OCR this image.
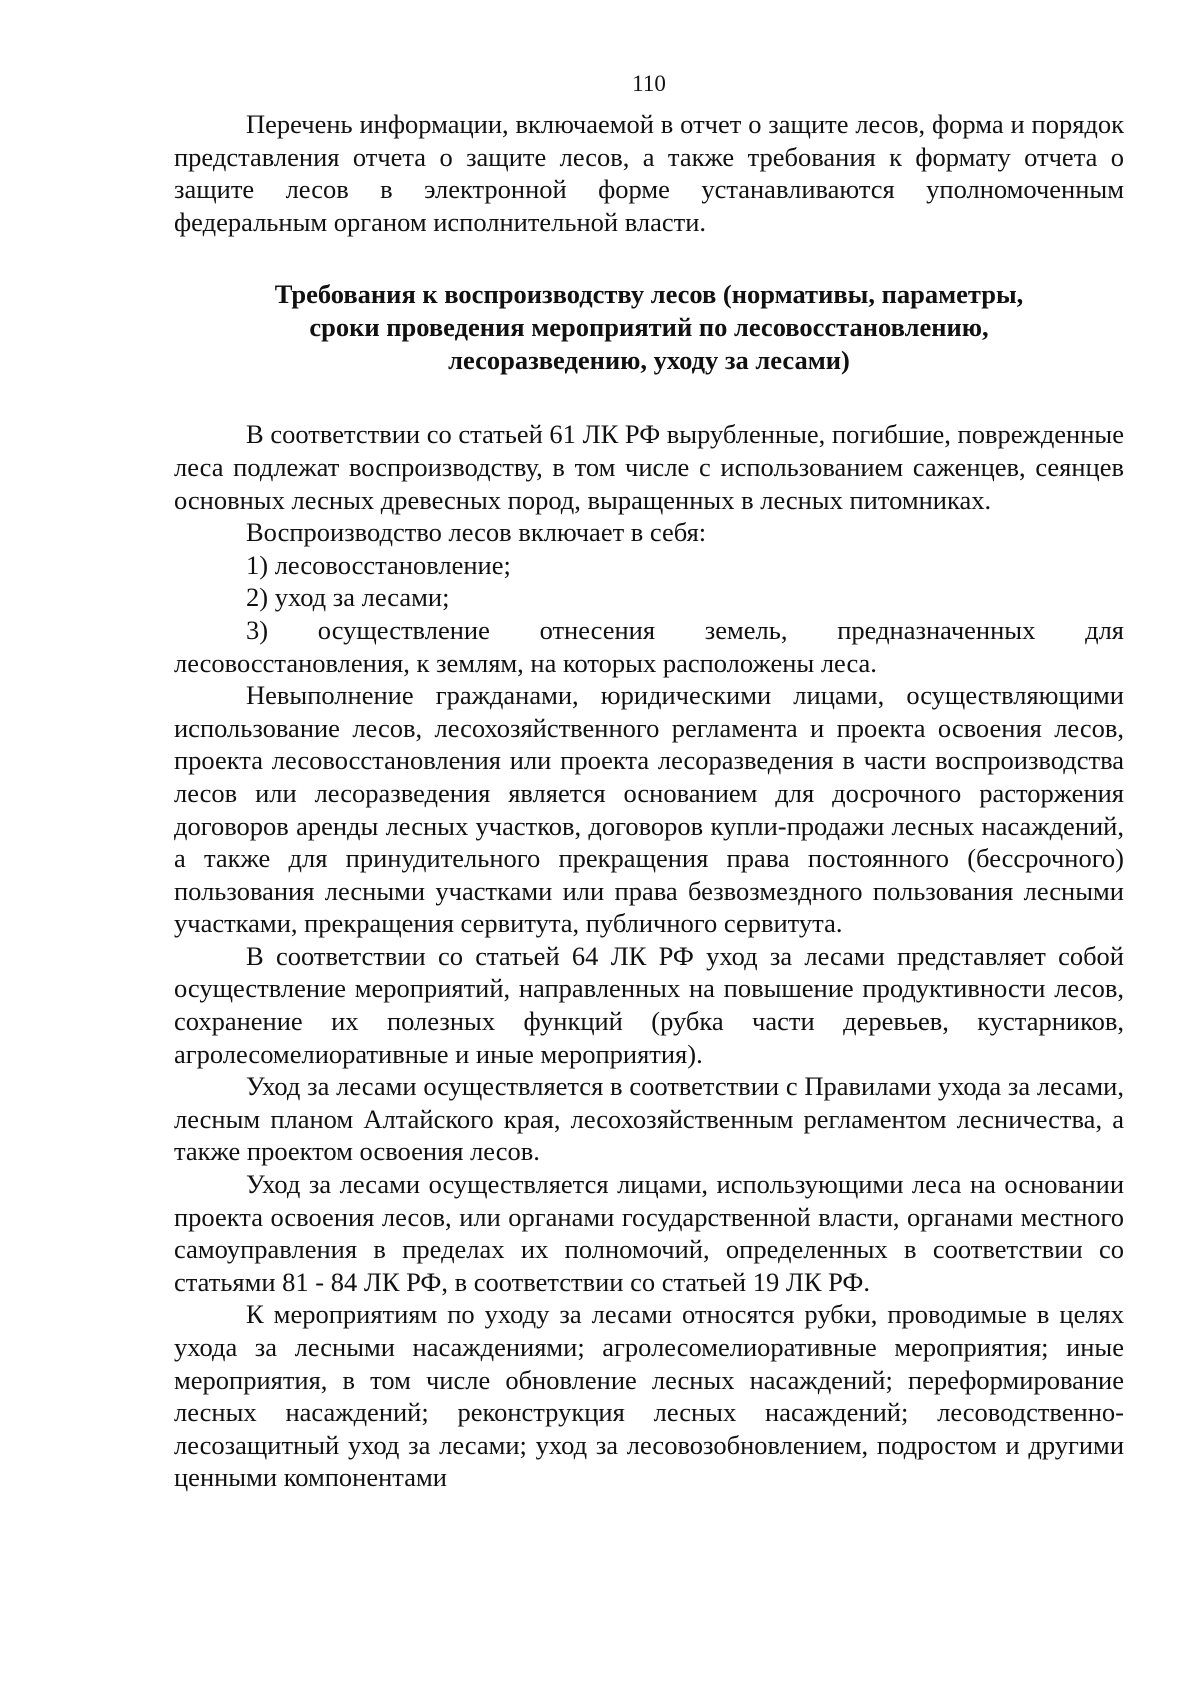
110

Перечень информации, включаемой в отчет о защите лесов, форма и порядок представления отчета о защите лесов, а также требования к формату отчета о защите лесов в электронной форме устанавливаются уполномоченным федеральным органом исполнительной власти.

Требования к воспроизводству лесов (нормативы, параметры,
сроки проведения мероприятий по лесовосстановлению,
лесоразведению, уходу за лесами)

В соответствии со статьей 61 ЛК РФ вырубленные, погибшие, поврежденные леса подлежат воспроизводству, в том числе с использованием саженцев, сеянцев основных лесных древесных пород, выращенных в лесных питомниках.

Воспроизводство лесов включает в себя:

1) лесовосстановление;

2) уход за лесами;

3) осуществление отнесения земель, предназначенных для лесовосстановления, к землям, на которых расположены леса.

Невыполнение гражданами, юридическими лицами, осуществляющими использование лесов, лесохозяйственного регламента и проекта освоения лесов, проекта лесовосстановления или проекта лесоразведения в части воспроизводства лесов или лесоразведения является основанием для досрочного расторжения договоров аренды лесных участков, договоров купли-продажи лесных насаждений, а также для принудительного прекращения права постоянного (бессрочного) пользования лесными участками или права безвозмездного пользования лесными участками, прекращения сервитута, публичного сервитута.

В соответствии со статьей 64 ЛК РФ уход за лесами представляет собой осуществление мероприятий, направленных на повышение продуктивности лесов, сохранение их полезных функций (рубка части деревьев, кустарников, агролесомелиоративные и иные мероприятия).

Уход за лесами осуществляется в соответствии с Правилами ухода за лесами, лесным планом Алтайского края, лесохозяйственным регламентом лесничества, а также проектом освоения лесов.

Уход за лесами осуществляется лицами, использующими леса на основании проекта освоения лесов, или органами государственной власти, органами местного самоуправления в пределах их полномочий, определенных в соответствии со статьями 81 - 84 ЛК РФ, в соответствии со статьей 19 ЛК РФ.

К мероприятиям по уходу за лесами относятся рубки, проводимые в целях ухода за лесными насаждениями; агролесомелиоративные мероприятия; иные мероприятия, в том числе обновление лесных насаждений; переформирование лесных насаждений; реконструкция лесных насаждений; лесоводственно-лесозащитный уход за лесами; уход за лесовозобновлением, подростом и другими ценными компонентами
